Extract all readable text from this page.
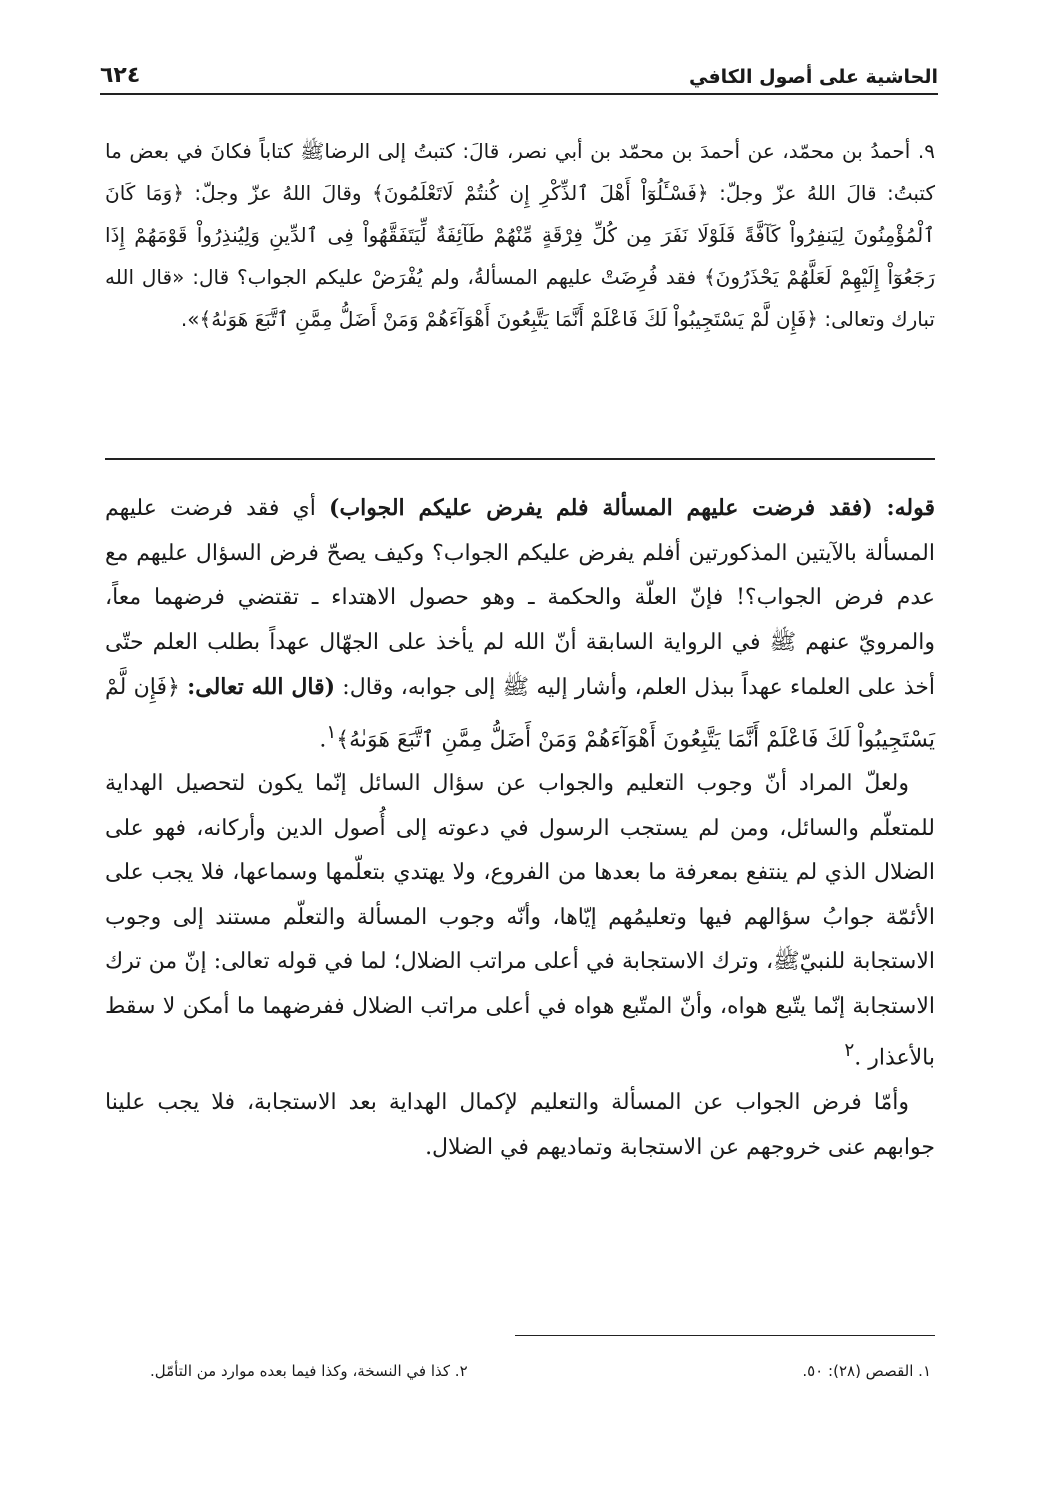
الحاشية على أصول الكافي
٦٢٤
٩. أحمدُ بن محمّد، عن أحمدَ بن محمّد بن أبي نصر، قالَ: كتبتُ إلى الرضاﷺ كتاباً فكانَ في بعض ما كتبتُ: قالَ اللهُ عزّ وجلّ: ﴿فَسْـَٔلُوٓاْ أَهْلَ ٱلذِّكْرِ إِن كُنتُمْ لَاتَعْلَمُونَ﴾ وقالَ اللهُ عزّ وجلّ: ﴿وَمَا كَانَ ٱلْمُؤْمِنُونَ لِيَنفِرُواْ كَآفَّةً فَلَوْلَا نَفَرَ مِن كُلِّ فِرْقَةٍ مِّنْهُمْ طَآئِفَةٌ لِّيَتَفَقَّهُواْ فِى ٱلدِّينِ وَلِيُنذِرُواْ قَوْمَهُمْ إِذَا رَجَعُوٓاْ إِلَيْهِمْ لَعَلَّهُمْ يَحْذَرُونَ﴾ فقد فُرِضَتْ عليهم المسألةُ، ولم يُفْرَضْ عليكم الجواب؟ قال: «قال الله تبارك وتعالى: ﴿فَإِن لَّمْ يَسْتَجِيبُواْ لَكَ فَاعْلَمْ أَنَّمَا يَتَّبِعُونَ أَهْوَآءَهُمْ وَمَنْ أَضَلُّ مِمَّنِ ٱتَّبَعَ هَوَىٰهُ﴾».

قوله: (فقد فرضت عليهم المسألة فلم يفرض عليكم الجواب) أي فقد فرضت عليهم المسألة بالآيتين المذكورتين أفلم يفرض عليكم الجواب؟ وكيف يصحّ فرض السؤال عليهم مع عدم فرض الجواب؟! فإنّ العلّة والحكمة ـ وهو حصول الاهتداء ـ تقتضي فرضهما معاً، والمرويّ عنهم ﷺ في الرواية السابقة أنّ الله لم يأخذ على الجهّال عهداً بطلب العلم حتّى أخذ على العلماء عهداً ببذل العلم، وأشار إليه ﷺ إلى جوابه، وقال: (قال الله تعالى: ﴿فَإِن لَّمْ يَسْتَجِيبُواْ لَكَ فَاعْلَمْ أَنَّمَا يَتَّبِعُونَ أَهْوَآءَهُمْ وَمَنْ أَضَلُّ مِمَّنِ ٱتَّبَعَ هَوَىٰهُ﴾$^١$.

ولعلّ المراد أنّ وجوب التعليم والجواب عن سؤال السائل إنّما يكون لتحصيل الهداية للمتعلّم والسائل، ومن لم يستجب الرسول في دعوته إلى أُصول الدين وأركانه، فهو على الضلال الذي لم ينتفع بمعرفة ما بعدها من الفروع، ولا يهتدي بتعلّمها وسماعها، فلا يجب على الأئمّة جوابُ سؤالهم فيها وتعليمُهم إيّاها، وأنّه وجوب المسألة والتعلّم مستند إلى وجوب الاستجابة للنبيّﷺ، وترك الاستجابة في أعلى مراتب الضلال؛ لما في قوله تعالى: إنّ من ترك الاستجابة إنّما يتّبع هواه، وأنّ المتّبع هواه في أعلى مراتب الضلال ففرضهما ما أمكن لا سقط بالأعذار .$^٢$

وأمّا فرض الجواب عن المسألة والتعليم لإكمال الهداية بعد الاستجابة، فلا يجب علينا جوابهم عنى خروجهم عن الاستجابة وتماديهم في الضلال.

١. القصص (٢٨): ٥٠.
٢. كذا في النسخة، وكذا فيما بعده موارد من التأمّل.
